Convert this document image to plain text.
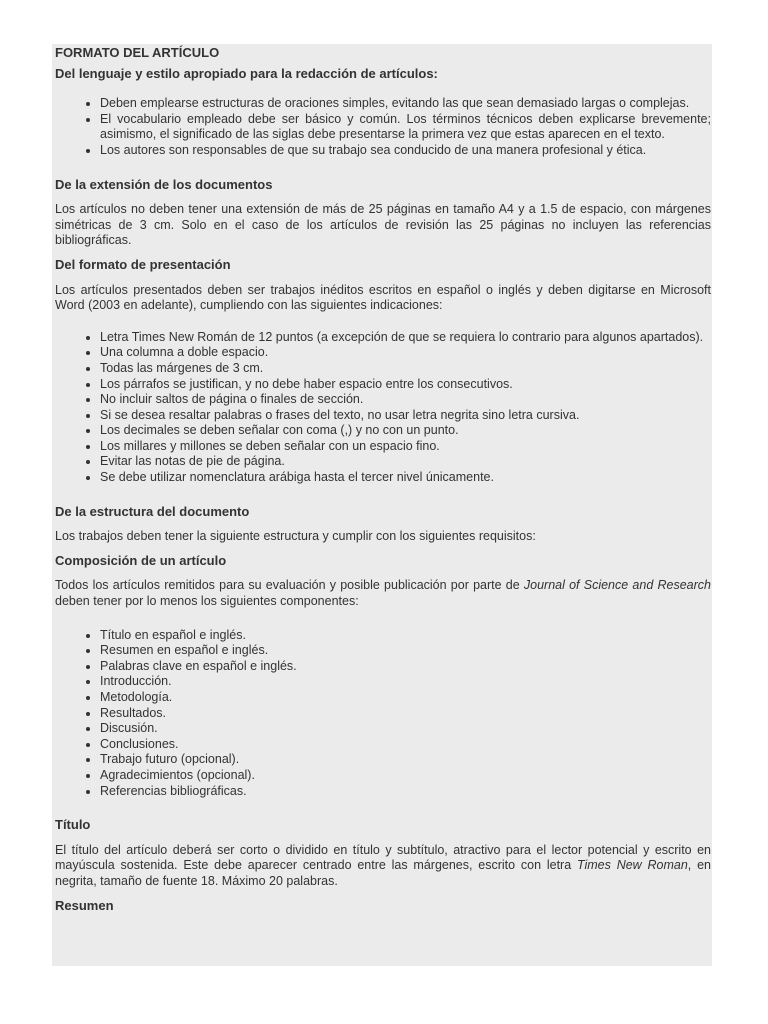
FORMATO DEL ARTÍCULO
Del lenguaje y estilo apropiado para la redacción de artículos:
• Deben emplearse estructuras de oraciones simples, evitando las que sean demasiado largas o complejas.
• El vocabulario empleado debe ser básico y común. Los términos técnicos deben explicarse brevemente; asimismo, el significado de las siglas debe presentarse la primera vez que estas aparecen en el texto.
• Los autores son responsables de que su trabajo sea conducido de una manera profesional y ética.
De la extensión de los documentos

Los artículos no deben tener una extensión de más de 25 páginas en tamaño A4 y a 1.5 de espacio, con márgenes simétricas de 3 cm. Solo en el caso de los artículos de revisión las 25 páginas no incluyen las referencias bibliográficas.

Del formato de presentación

Los artículos presentados deben ser trabajos inéditos escritos en español o inglés y deben digitarse en Microsoft Word (2003 en adelante), cumpliendo con las siguientes indicaciones:

• Letra Times New Román de 12 puntos (a excepción de que se requiera lo contrario para algunos apartados).
• Una columna a doble espacio.
• Todas las márgenes de 3 cm.
• Los párrafos se justifican, y no debe haber espacio entre los consecutivos.
• No incluir saltos de página o finales de sección.
• Si se desea resaltar palabras o frases del texto, no usar letra negrita sino letra cursiva.
• Los decimales se deben señalar con coma (,) y no con un punto.
• Los millares y millones se deben señalar con un espacio fino.
• Evitar las notas de pie de página.
• Se debe utilizar nomenclatura arábiga hasta el tercer nivel únicamente.
De la estructura del documento

Los trabajos deben tener la siguiente estructura y cumplir con los siguientes requisitos:

Composición de un artículo

Todos los artículos remitidos para su evaluación y posible publicación por parte de Journal of Science and Research deben tener por lo menos los siguientes componentes:

• Título en español e inglés.
• Resumen en español e inglés.
• Palabras clave en español e inglés.
• Introducción.
• Metodología.
• Resultados.
• Discusión.
• Conclusiones.
• Trabajo futuro (opcional).
• Agradecimientos (opcional).
• Referencias bibliográficas.
Título

El título del artículo deberá ser corto o dividido en título y subtítulo, atractivo para el lector potencial y escrito en mayúscula sostenida. Este debe aparecer centrado entre las márgenes, escrito con letra Times New Roman, en negrita, tamaño de fuente 18. Máximo 20 palabras.

Resumen
